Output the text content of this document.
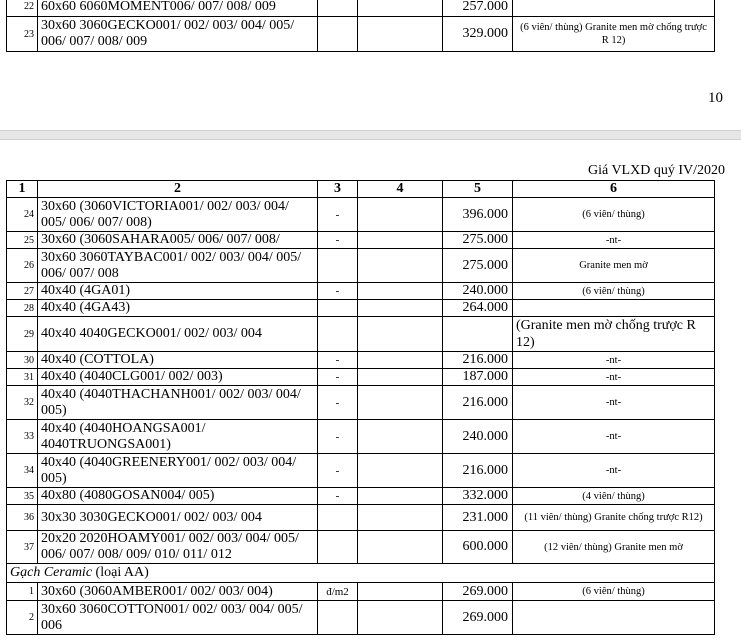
22	60x60 6060MOMENT006/ 007/ 008/ 009			257.000	
23	30x60 3060GECKO001/ 002/ 003/ 004/ 005/ 006/ 007/ 008/ 009			329.000	(6 viên/ thùng) Granite men mờ chống trược R 12)
10
Giá VLXD quý IV/2020
1	2	3	4	5	6
24	30x60 (3060VICTORIA001/ 002/ 003/ 004/ 005/ 006/ 007/ 008)	-		396.000	(6 viên/ thùng)
25	30x60 (3060SAHARA005/ 006/ 007/ 008/	-		275.000	-nt-
26	30x60 3060TAYBAC001/ 002/ 003/ 004/ 005/ 006/ 007/ 008			275.000	Granite men mờ
27	40x40 (4GA01)	-		240.000	(6 viên/ thùng)
28	40x40 (4GA43)			264.000	
29	40x40 4040GECKO001/ 002/ 003/ 004				(Granite men mờ chống trược R 12)
30	40x40 (COTTOLA)	-		216.000	-nt-
31	40x40 (4040CLG001/ 002/ 003)	-		187.000	-nt-
32	40x40 (4040THACHANH001/ 002/ 003/ 004/ 005)	-		216.000	-nt-
33	40x40 (4040HOANGSA001/ 4040TRUONGSA001)	-		240.000	-nt-
34	40x40 (4040GREENERY001/ 002/ 003/ 004/ 005)	-		216.000	-nt-
35	40x80 (4080GOSAN004/ 005)	-		332.000	(4 viên/ thùng)
36	30x30 3030GECKO001/ 002/ 003/ 004			231.000	(11 viên/ thùng) Granite chống trược R12)
37	20x20 2020HOAMY001/ 002/ 003/ 004/ 005/ 006/ 007/ 008/ 009/ 010/ 011/ 012			600.000	(12 viên/ thùng) Granite men mờ
Gạch Ceramic (loại AA)					
1	30x60 (3060AMBER001/ 002/ 003/ 004)	đ/m2		269.000	(6 viên/ thùng)
2	30x60 3060COTTON001/ 002/ 003/ 004/ 005/ 006			269.000	
